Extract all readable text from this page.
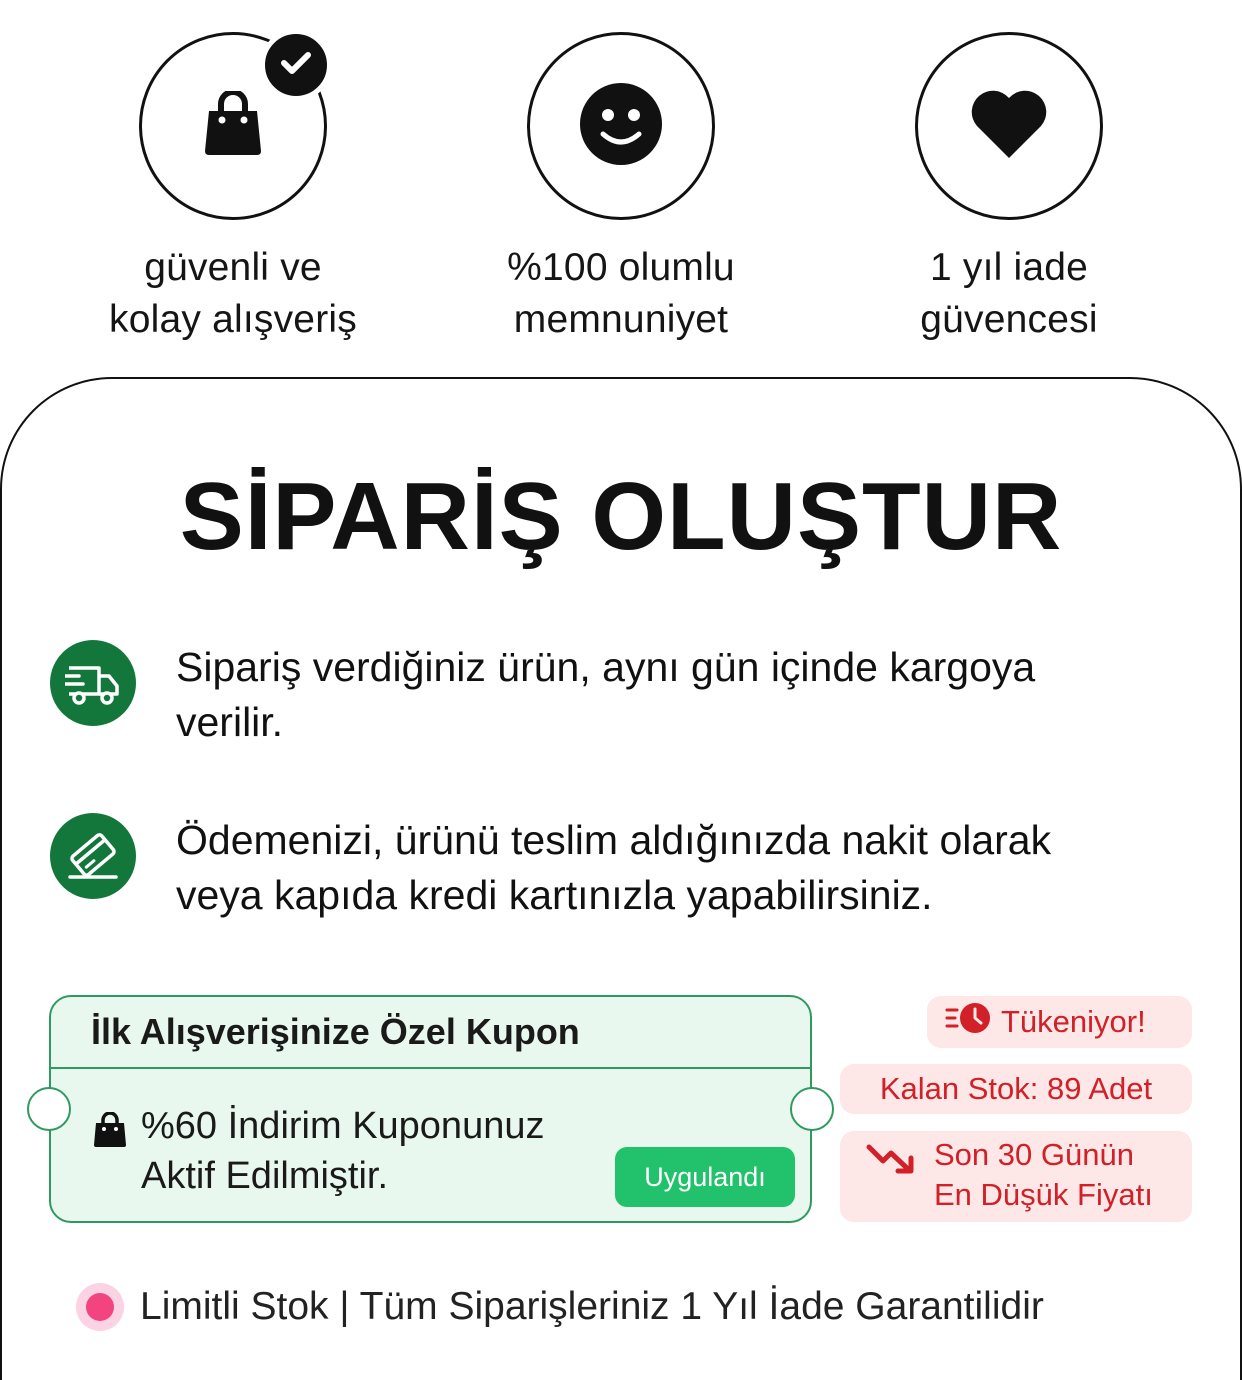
güvenli ve
kolay alışveriş
%100 olumlu
memnuniyet
1 yıl iade
güvencesi
SİPARİŞ OLUŞTUR
Sipariş verdiğiniz ürün, aynı gün içinde kargoya
verilir.
Ödemenizi, ürünü teslim aldığınızda nakit olarak
veya kapıda kredi kartınızla yapabilirsiniz.
İlk Alışverişinize Özel Kupon
%60 İndirim Kuponunuz
Aktif Edilmiştir.	Uygulandı
Tükeniyor!
Kalan Stok: 89 Adet
Son 30 Günün
En Düşük Fiyatı
Limitli Stok | Tüm Siparişleriniz 1 Yıl İade Garantilidir
